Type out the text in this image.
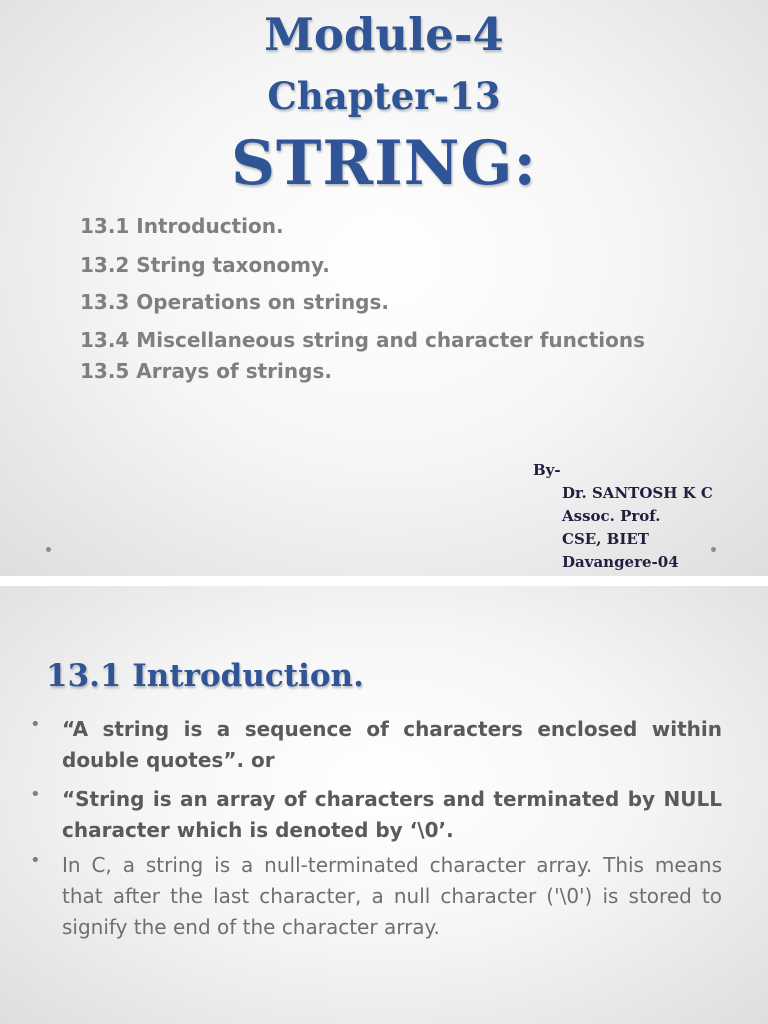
Module-4
Chapter-13
STRING:
13.1 Introduction.
13.2 String taxonomy.
13.3 Operations on strings.
13.4 Miscellaneous string and character functions
13.5 Arrays of strings.
By-
Dr. SANTOSH K C
Assoc. Prof.
CSE, BIET
Davangere-04
13.1 Introduction.
• “A string is a sequence of characters enclosed within double quotes”. or
• “String is an array of characters and terminated by NULL character which is denoted by ‘\0’.
• In C, a string is a null-terminated character array. This means that after the last character, a null character ('\0') is stored to signify the end of the character array.
